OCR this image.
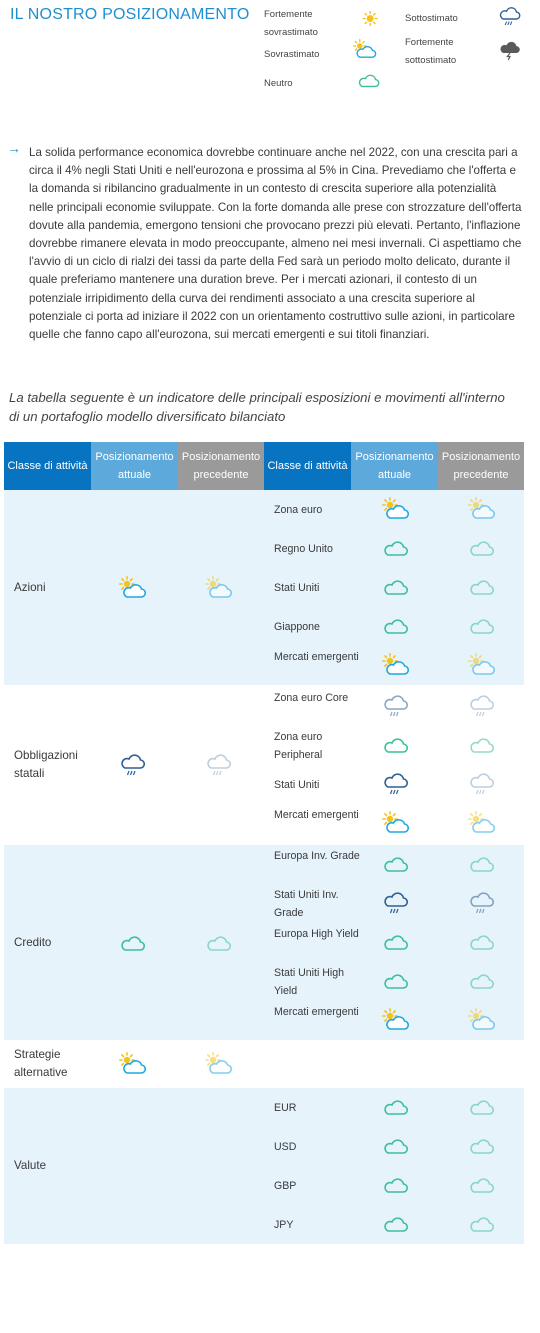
IL NOSTRO POSIZIONAMENTO Fortemente sovrastimato
Sovrastimato
Neutro
Sottostimato
Fortemente sottostimato
→ La solida performance economica dovrebbe continuare anche nel 2022, con una crescita pari a circa il 4% negli Stati Uniti e nell'eurozona e prossima al 5% in Cina. Prevediamo che l'offerta e la domanda si ribilancino gradualmente in un contesto di crescita superiore alla potenzialità nelle principali economie sviluppate. Con la forte domanda alle prese con strozzature dell'offerta dovute alla pandemia, emergono tensioni che provocano prezzi più elevati. Pertanto, l'inflazione dovrebbe rimanere elevata in modo preoccupante, almeno nei mesi invernali. Ci aspettiamo che l'avvio di un ciclo di rialzi dei tassi da parte della Fed sarà un periodo molto delicato, durante il quale preferiamo mantenere una duration breve. Per i mercati azionari, il contesto di un potenziale irripidimento della curva dei rendimenti associato a una crescita superiore al potenziale ci porta ad iniziare il 2022 con un orientamento costruttivo sulle azioni, in particolare quelle che fanno capo all'eurozona, sui mercati emergenti e sui titoli finanziari.
La tabella seguente è un indicatore delle principali esposizioni e movimenti all'interno di un portafoglio modello diversificato bilanciato
Classe di attività
Posizionamento attuale
Posizionamento precedente
Classe di attività
Posizionamento attuale
Posizionamento precedente
Azioni
Zona euro
Regno Unito
Stati Uniti
Giappone
Mercati emergenti
Obbligazioni statali
Zona euro Core
Zona euro Peripheral
Stati Uniti
Mercati emergenti
Credito
Europa Inv. Grade
Stati Uniti Inv. Grade
Europa High Yield
Stati Uniti High Yield
Mercati emergenti
Strategie alternative
Valute
EUR
USD
GBP
JPY
